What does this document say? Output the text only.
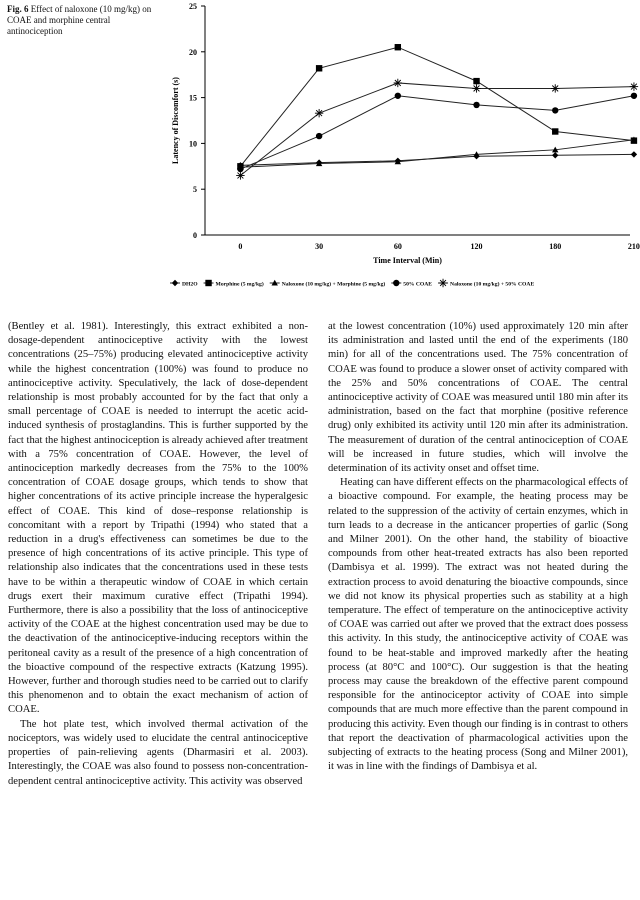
Fig. 6 Effect of naloxone (10 mg/kg) on COAE and morphine central antinociception
0
5
10
15
20
25
0	30	60	120	180	210
Time Interval (Min)
Latency of Discomfort (s)
DH2O	Morphine (5 mg/kg)	Naloxone (10 mg/kg) + Morphine (5 mg/kg)	50% COAE	Naloxone (10 mg/kg) + 50% COAE

(Bentley et al. 1981). Interestingly, this extract exhibited a non-dosage-dependent antinociceptive activity with the lowest concentrations (25–75%) producing elevated antinociceptive activity while the highest concentration (100%) was found to produce no antinociceptive activity. Speculatively, the lack of dose-dependent relationship is most probably accounted for by the fact that only a small percentage of COAE is needed to interrupt the acetic acid-induced synthesis of prostaglandins. This is further supported by the fact that the highest antinociception is already achieved after treatment with a 75% concentration of COAE. However, the level of antinociception markedly decreases from the 75% to the 100% concentration of COAE dosage groups, which tends to show that higher concentrations of its active principle increase the hyperalgesic effect of COAE. This kind of dose–response relationship is concomitant with a report by Tripathi (1994) who stated that a reduction in a drug's effectiveness can sometimes be due to the presence of high concentrations of its active principle. This type of relationship also indicates that the concentrations used in these tests have to be within a therapeutic window of COAE in which certain drugs exert their maximum curative effect (Tripathi 1994). Furthermore, there is also a possibility that the loss of antinociceptive activity of the COAE at the highest concentration used may be due to the deactivation of the antinociceptive-inducing receptors within the peritoneal cavity as a result of the presence of a high concentration of the bioactive compound of the respective extracts (Katzung 1995). However, further and thorough studies need to be carried out to clarify this phenomenon and to obtain the exact mechanism of action of COAE.

The hot plate test, which involved thermal activation of the nociceptors, was widely used to elucidate the central antinociceptive properties of pain-relieving agents (Dharmasiri et al. 2003). Interestingly, the COAE was also found to possess non-concentration-dependent central antinociceptive activity. This activity was observed

at the lowest concentration (10%) used approximately 120 min after its administration and lasted until the end of the experiments (180 min) for all of the concentrations used. The 75% concentration of COAE was found to produce a slower onset of activity compared with the 25% and 50% concentrations of COAE. The central antinociceptive activity of COAE was measured until 180 min after its administration, based on the fact that morphine (positive reference drug) only exhibited its activity until 120 min after its administration. The measurement of duration of the central antinociception of COAE will be increased in future studies, which will involve the determination of its activity onset and offset time.

Heating can have different effects on the pharmacological effects of a bioactive compound. For example, the heating process may be related to the suppression of the activity of certain enzymes, which in turn leads to a decrease in the anticancer properties of garlic (Song and Milner 2001). On the other hand, the stability of bioactive compounds from other heat-treated extracts has also been reported (Dambisya et al. 1999). The extract was not heated during the extraction process to avoid denaturing the bioactive compounds, since we did not know its physical properties such as stability at a high temperature. The effect of temperature on the antinociceptive activity of COAE was carried out after we proved that the extract does possess this activity. In this study, the antinociceptive activity of COAE was found to be heat-stable and improved markedly after the heating process (at 80°C and 100°C). Our suggestion is that the heating process may cause the breakdown of the effective parent compound responsible for the antinociceptor activity of COAE into simple compounds that are much more effective than the parent compound in producing this activity. Even though our finding is in contrast to others that report the deactivation of pharmacological activities upon the subjecting of extracts to the heating process (Song and Milner 2001), it was in line with the findings of Dambisya et al.
